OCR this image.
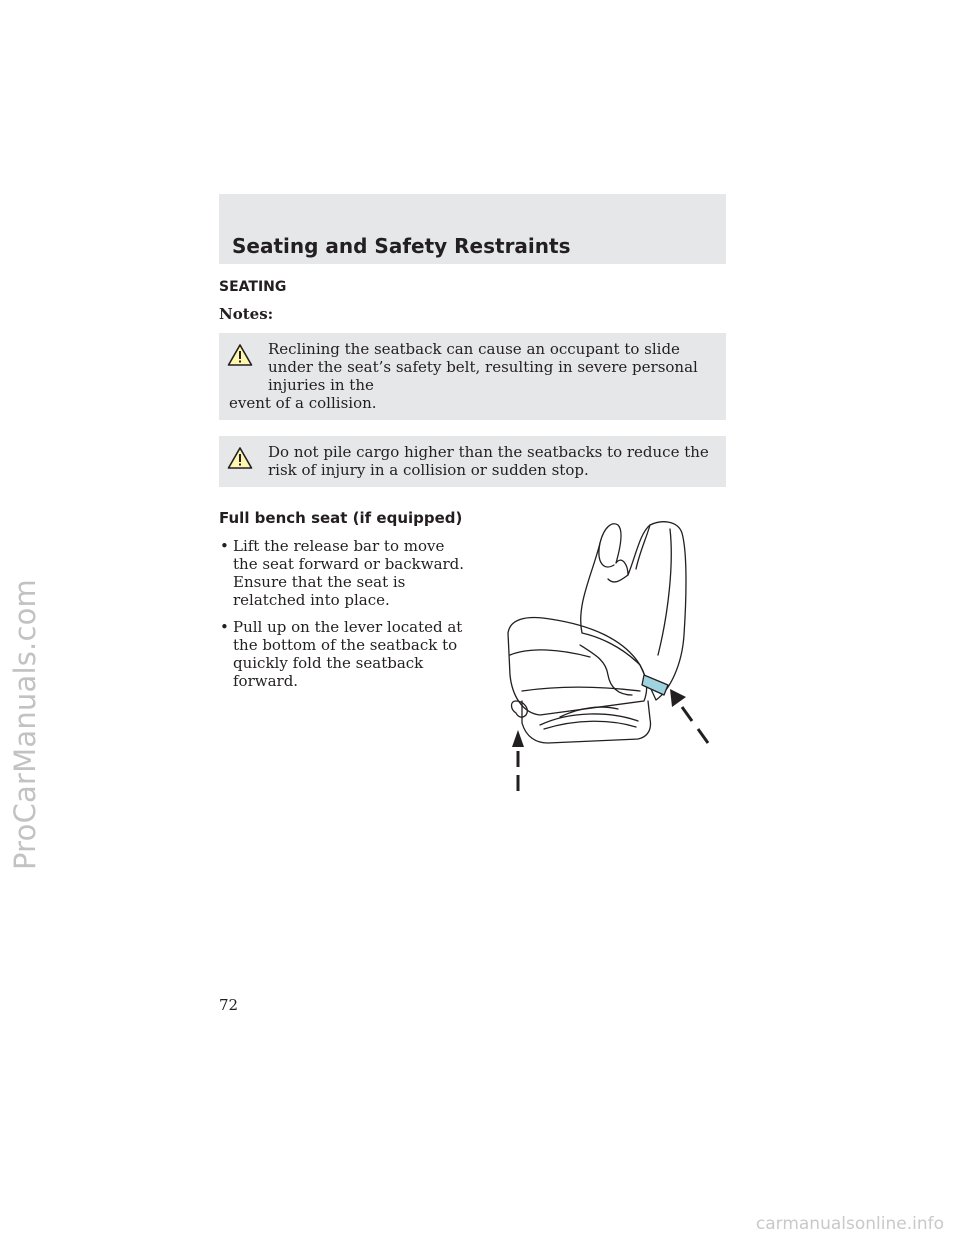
ProCarManuals.com
carmanualsonline.info
Seating and Safety Restraints
SEATING
Notes:
Reclining the seatback can cause an occupant to slide under the seat’s safety belt, resulting in severe personal injuries in the
event of a collision.
Do not pile cargo higher than the seatbacks to reduce the risk of injury in a collision or sudden stop.
Full bench seat (if equipped)
• Lift the release bar to move the seat forward or backward. Ensure that the seat is relatched into place.
• Pull up on the lever located at the bottom of the seatback to quickly fold the seatback forward.
72
